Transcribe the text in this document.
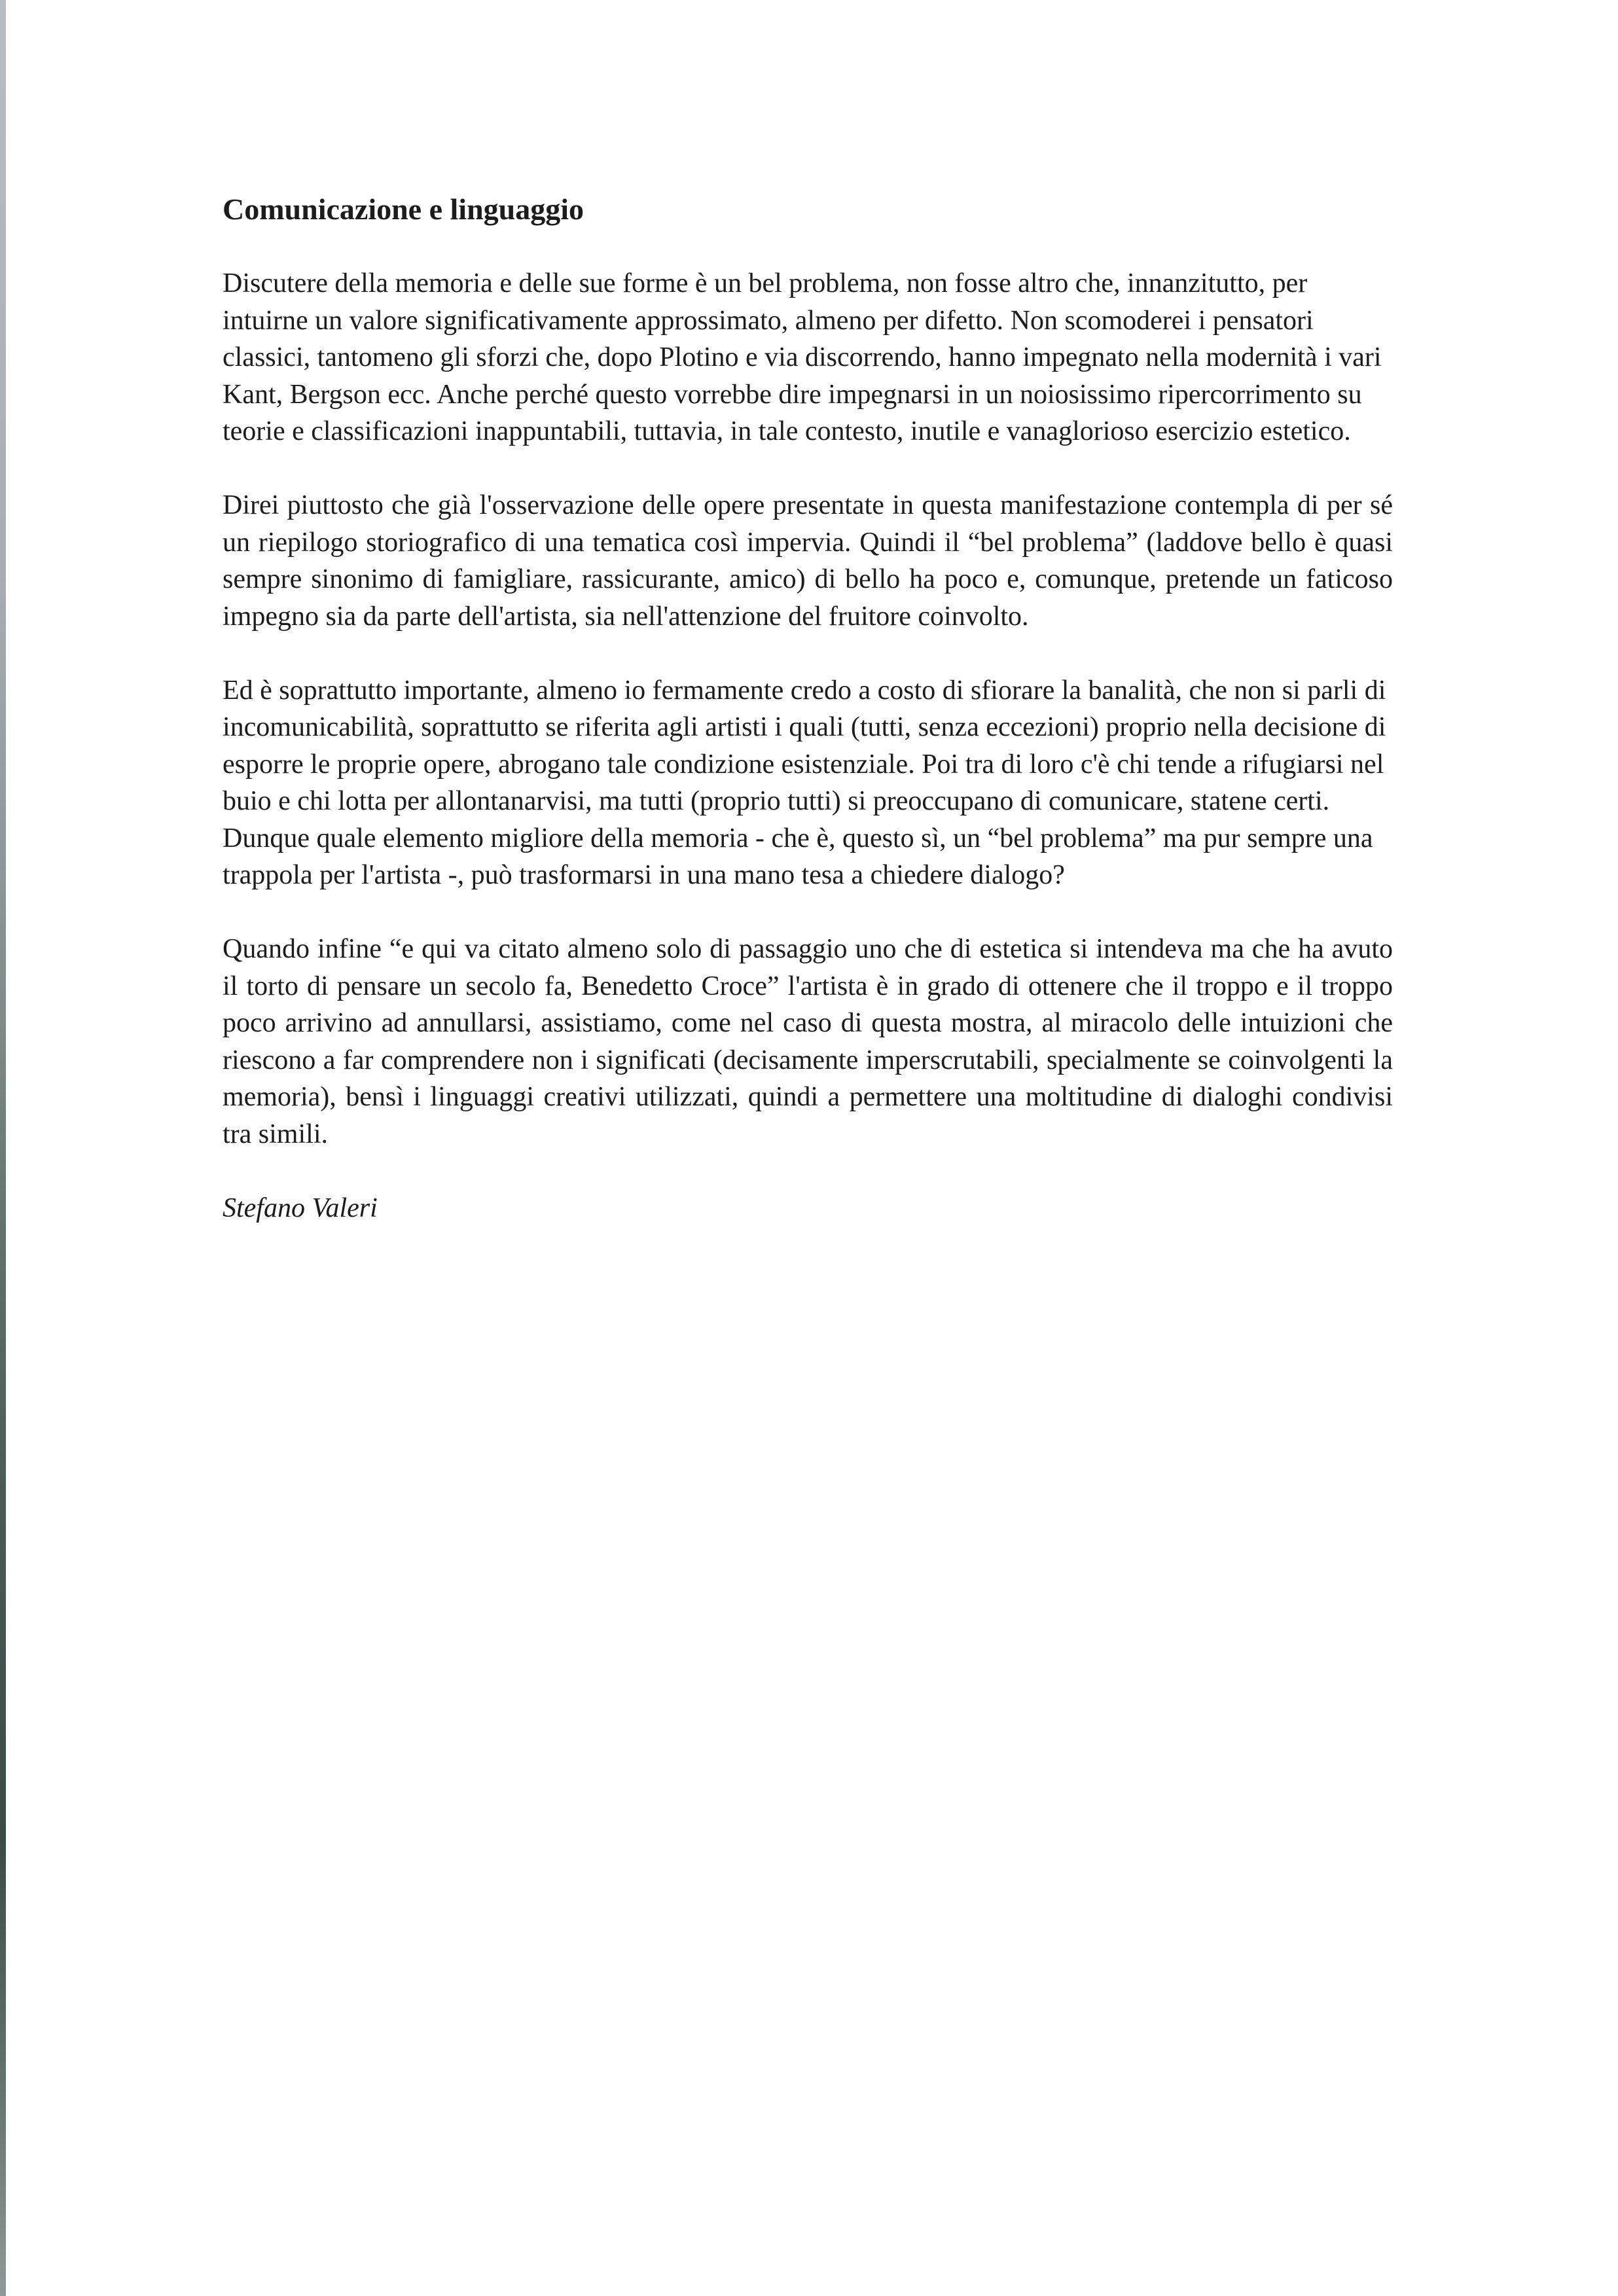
Comunicazione e linguaggio

Discutere della memoria e delle sue forme è un bel problema, non fosse altro che, innanzitutto, per intuirne un valore significativamente approssimato, almeno per difetto. Non scomoderei i pensatori classici, tantomeno gli sforzi che, dopo Plotino e via discorrendo, hanno impegnato nella modernità i vari Kant, Bergson ecc. Anche perché questo vorrebbe dire impegnarsi in un noiosissimo ripercorrimento su teorie e classificazioni inappuntabili, tuttavia, in tale contesto, inutile e vanaglorioso esercizio estetico.

Direi piuttosto che già l'osservazione delle opere presentate in questa manifestazione contempla di per sé un riepilogo storiografico di una tematica così impervia. Quindi il “bel problema” (laddove bello è quasi sempre sinonimo di famigliare, rassicurante, amico) di bello ha poco e, comunque, pretende un faticoso impegno sia da parte dell'artista, sia nell'attenzione del fruitore coinvolto.

Ed è soprattutto importante, almeno io fermamente credo a costo di sfiorare la banalità, che non si parli di incomunicabilità, soprattutto se riferita agli artisti i quali (tutti, senza eccezioni) proprio nella decisione di esporre le proprie opere, abrogano tale condizione esistenziale. Poi tra di loro c'è chi tende a rifugiarsi nel buio e chi lotta per allontanarvisi, ma tutti (proprio tutti) si preoccupano di comunicare, statene certi. Dunque quale elemento migliore della memoria - che è, questo sì, un “bel problema” ma pur sempre una trappola per l'artista -, può trasformarsi in una mano tesa a chiedere dialogo?

Quando infine “e qui va citato almeno solo di passaggio uno che di estetica si intendeva ma che ha avuto il torto di pensare un secolo fa, Benedetto Croce” l'artista è in grado di ottenere che il troppo e il troppo poco arrivino ad annullarsi, assistiamo, come nel caso di questa mostra, al miracolo delle intuizioni che riescono a far comprendere non i significati (decisamente imperscrutabili, specialmente se coinvolgenti la memoria), bensì i linguaggi creativi utilizzati, quindi a permettere una moltitudine di dialoghi condivisi tra simili.

Stefano Valeri
